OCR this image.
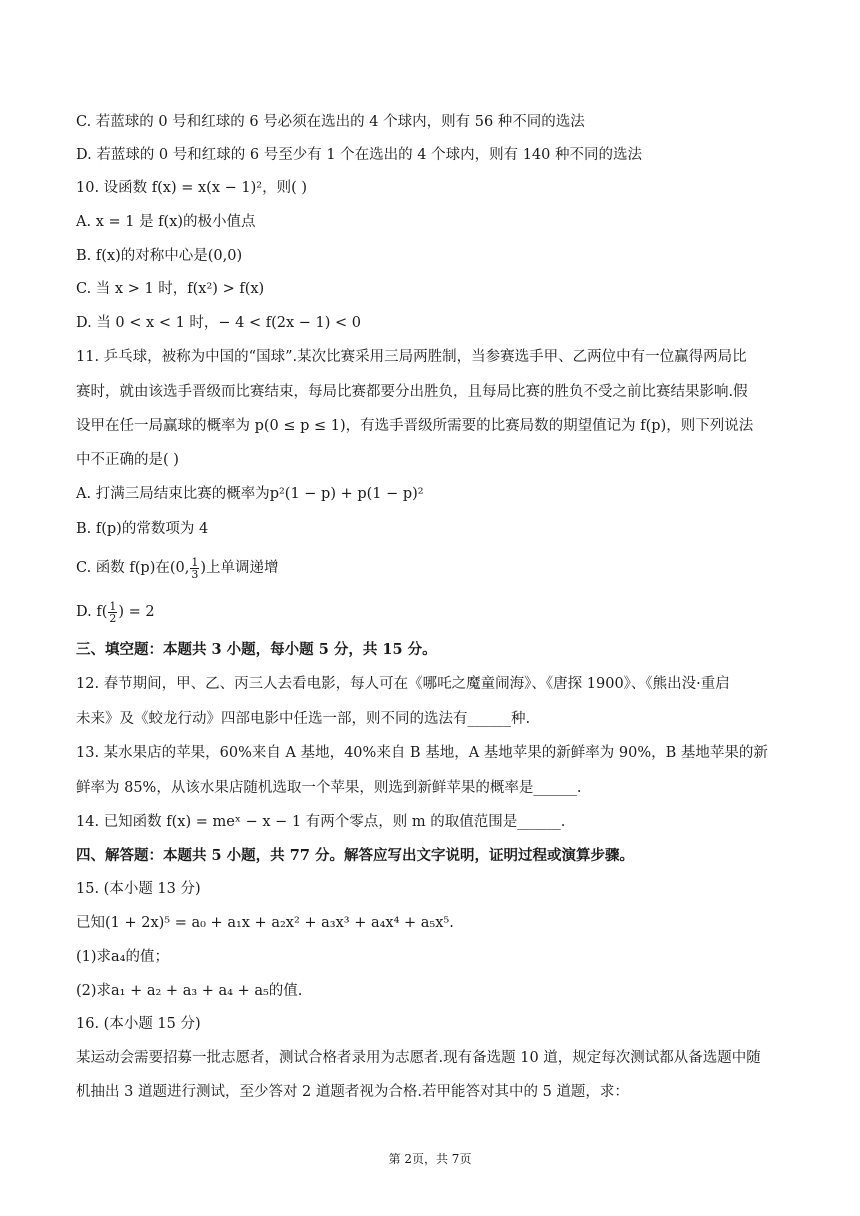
C. 若蓝球的 0 号和红球的 6 号必须在选出的 4 个球内，则有 56 种不同的选法
D. 若蓝球的 0 号和红球的 6 号至少有 1 个在选出的 4 个球内，则有 140 种不同的选法
10. 设函数 f(x) = x(x − 1)²，则( )
A. x = 1 是 f(x)的极小值点
B. f(x)的对称中心是(0,0)
C. 当 x > 1 时，f(x²) > f(x)
D. 当 0 < x < 1 时，− 4 < f(2x − 1) < 0
11. 乒乓球，被称为中国的“国球”.某次比赛采用三局两胜制，当参赛选手甲、乙两位中有一位赢得两局比
赛时，就由该选手晋级而比赛结束，每局比赛都要分出胜负，且每局比赛的胜负不受之前比赛结果影响.假
设甲在任一局赢球的概率为 p(0 ≤ p ≤ 1)，有选手晋级所需要的比赛局数的期望值记为 f(p)，则下列说法
中不正确的是( )
A. 打满三局结束比赛的概率为p²(1 − p) + p(1 − p)²
B. f(p)的常数项为 4
C. 函数 f(p)在(0, $\frac{1}{3}$ )上单调递增
D. $f( \frac{1}{2}$ ) = 2
三、填空题：本题共 3 小题，每小题 5 分，共 15 分。
12. 春节期间，甲、乙、丙三人去看电影，每人可在《哪吒之魔童闹海》、《唐探 1900》、《熊出没·重启
未来》及《蛟龙行动》四部电影中任选一部，则不同的选法有______种.
13. 某水果店的苹果，60%来自 A 基地，40%来自 B 基地，A 基地苹果的新鲜率为 90%，B 基地苹果的新
鲜率为 85%，从该水果店随机选取一个苹果，则选到新鲜苹果的概率是______.
14. 已知函数 f(x) = meˣ − x − 1 有两个零点，则 m 的取值范围是______.
四、解答题：本题共 5 小题，共 77 分。解答应写出文字说明，证明过程或演算步骤。
15. (本小题 13 分)
已知(1 + 2x)⁵ = a₀ + a₁x + a₂x² + a₃x³ + a₄x⁴ + a₅x⁵.
(1)求a₄的值；
(2)求a₁ + a₂ + a₃ + a₄ + a₅的值.
16. (本小题 15 分)
某运动会需要招募一批志愿者，测试合格者录用为志愿者.现有备选题 10 道，规定每次测试都从备选题中随
机抽出 3 道题进行测试，至少答对 2 道题者视为合格.若甲能答对其中的 5 道题，求：
第 2页，共 7页
